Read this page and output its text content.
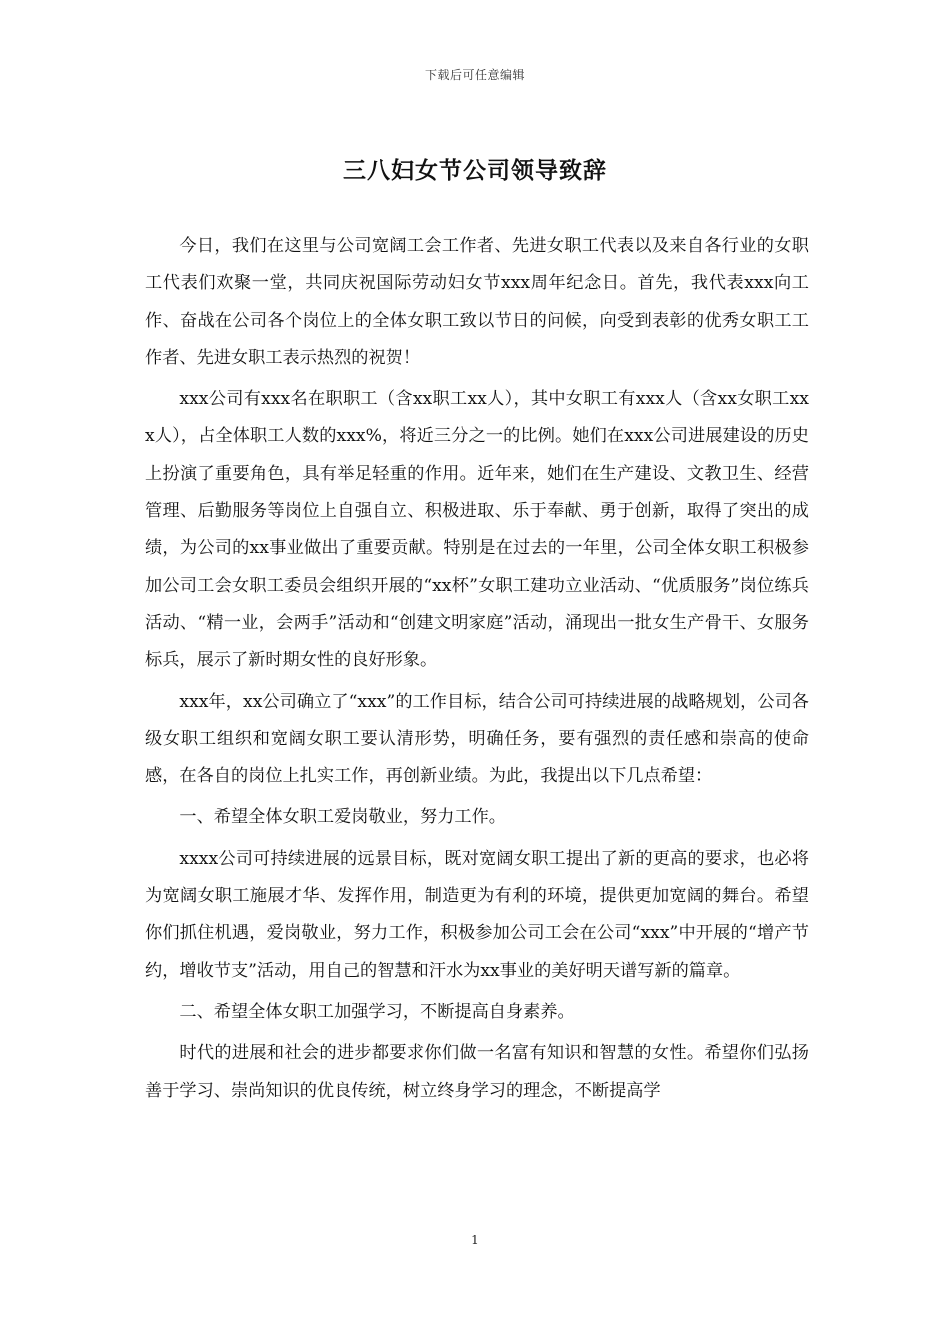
下载后可任意编辑
三八妇女节公司领导致辞

今日，我们在这里与公司宽阔工会工作者、先进女职工代表以及来自各行业的女职工代表们欢聚一堂，共同庆祝国际劳动妇女节xxx周年纪念日。首先，我代表xxx向工作、奋战在公司各个岗位上的全体女职工致以节日的问候，向受到表彰的优秀女职工工作者、先进女职工表示热烈的祝贺！

xxx公司有xxx名在职职工（含xx职工xx人），其中女职工有xxx人（含xx女职工xxx人），占全体职工人数的xxx%，将近三分之一的比例。她们在xxx公司进展建设的历史上扮演了重要角色，具有举足轻重的作用。近年来，她们在生产建设、文教卫生、经营管理、后勤服务等岗位上自强自立、积极进取、乐于奉献、勇于创新，取得了突出的成绩，为公司的xx事业做出了重要贡献。特别是在过去的一年里，公司全体女职工积极参加公司工会女职工委员会组织开展的“xx杯”女职工建功立业活动、“优质服务”岗位练兵活动、“精一业，会两手”活动和“创建文明家庭”活动，涌现出一批女生产骨干、女服务标兵，展示了新时期女性的良好形象。

xxx年，xx公司确立了“xxx”的工作目标，结合公司可持续进展的战略规划，公司各级女职工组织和宽阔女职工要认清形势，明确任务，要有强烈的责任感和崇高的使命感，在各自的岗位上扎实工作，再创新业绩。为此，我提出以下几点希望：

一、希望全体女职工爱岗敬业，努力工作。

xxxx公司可持续进展的远景目标，既对宽阔女职工提出了新的更高的要求，也必将为宽阔女职工施展才华、发挥作用，制造更为有利的环境，提供更加宽阔的舞台。希望你们抓住机遇，爱岗敬业，努力工作，积极参加公司工会在公司“xxx”中开展的“增产节约，增收节支”活动，用自己的智慧和汗水为xx事业的美好明天谱写新的篇章。

二、希望全体女职工加强学习，不断提高自身素养。

时代的进展和社会的进步都要求你们做一名富有知识和智慧的女性。希望你们弘扬善于学习、崇尚知识的优良传统，树立终身学习的理念，不断提高学

1
